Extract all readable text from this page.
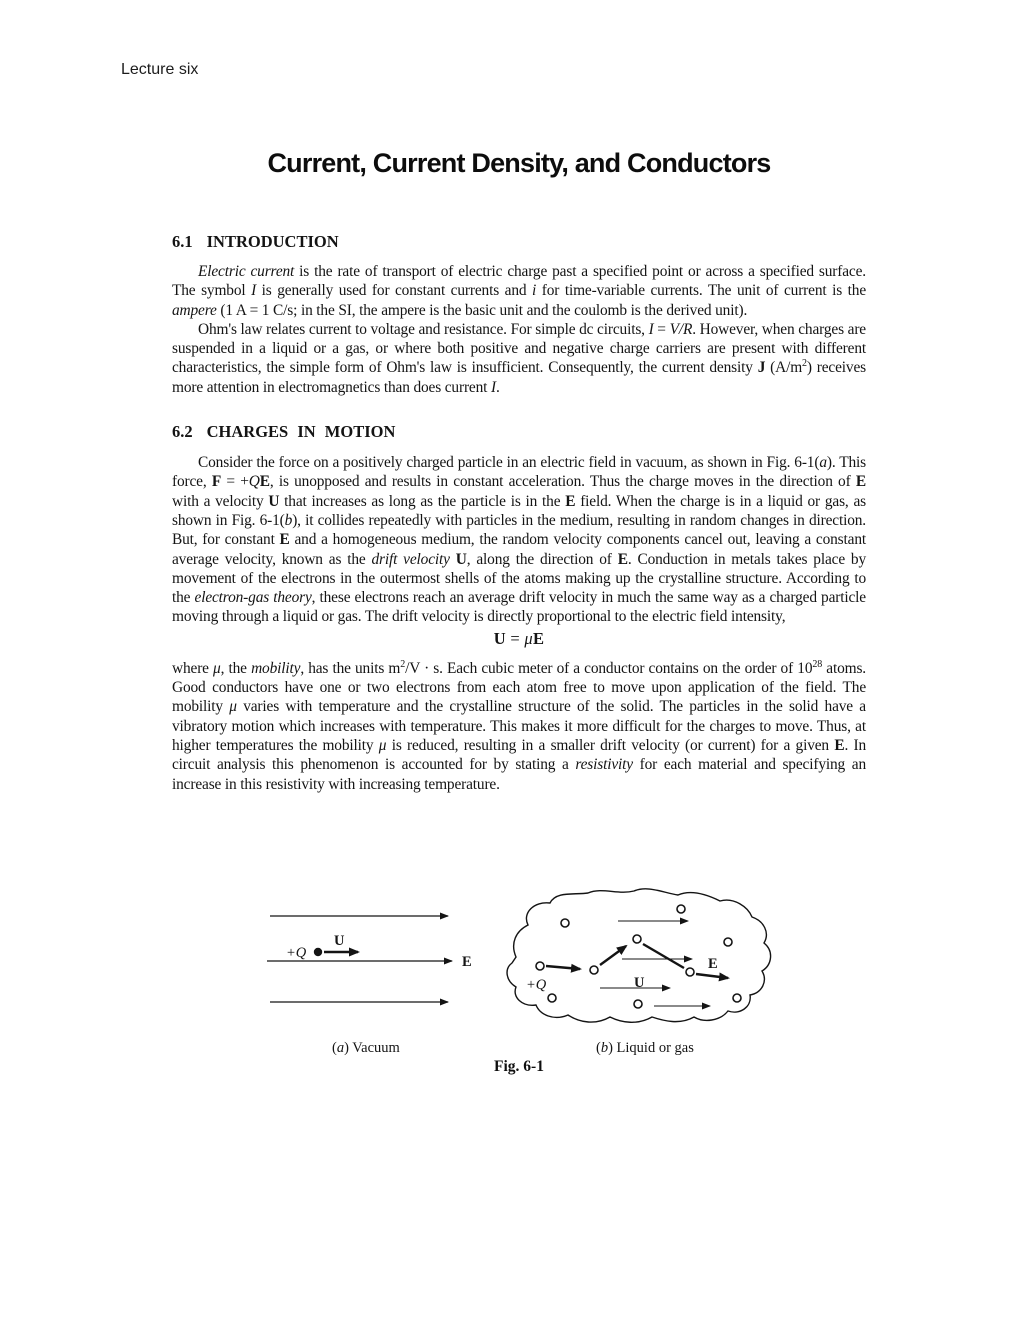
Lecture six
Current, Current Density, and Conductors
6.1 INTRODUCTION

Electric current is the rate of transport of electric charge past a specified point or across a specified surface. The symbol I is generally used for constant currents and i for time-variable currents. The unit of current is the ampere (1 A = 1 C/s; in the SI, the ampere is the basic unit and the coulomb is the derived unit).

Ohm's law relates current to voltage and resistance. For simple dc circuits, I = V/R. However, when charges are suspended in a liquid or a gas, or where both positive and negative charge carriers are present with different characteristics, the simple form of Ohm's law is insufficient. Consequently, the current density J $(A/m^2)$ receives more attention in electromagnetics than does current I.

6.2 CHARGES IN MOTION

Consider the force on a positively charged particle in an electric field in vacuum, as shown in Fig. 6-1(a). This force, F = +QE, is unopposed and results in constant acceleration. Thus the charge moves in the direction of E with a velocity U that increases as long as the particle is in the E field. When the charge is in a liquid or gas, as shown in Fig. 6-1(b), it collides repeatedly with particles in the medium, resulting in random changes in direction. But, for constant E and a homogeneous medium, the random velocity components cancel out, leaving a constant average velocity, known as the drift velocity U, along the direction of E. Conduction in metals takes place by movement of the electrons in the outermost shells of the atoms making up the crystalline structure. According to the electron-gas theory, these electrons reach an average drift velocity in much the same way as a charged particle moving through a liquid or gas. The drift velocity is directly proportional to the electric field intensity,

U = μE

where μ, the mobility, has the units $m^2/V \cdot s$. Each cubic meter of a conductor contains on the order of $10^{28}$ atoms. Good conductors have one or two electrons from each atom free to move upon application of the field. The mobility μ varies with temperature and the crystalline structure of the solid. The particles in the solid have a vibratory motion which increases with temperature. This makes it more difficult for the charges to move. Thus, at higher temperatures the mobility μ is reduced, resulting in a smaller drift velocity (or current) for a given E. In circuit analysis this phenomenon is accounted for by stating a resistivity for each material and specifying an increase in this resistivity with increasing temperature.

+Q
U
E
+Q	U
E
(a) Vacuum	(b) Liquid or gas
Fig. 6-1
